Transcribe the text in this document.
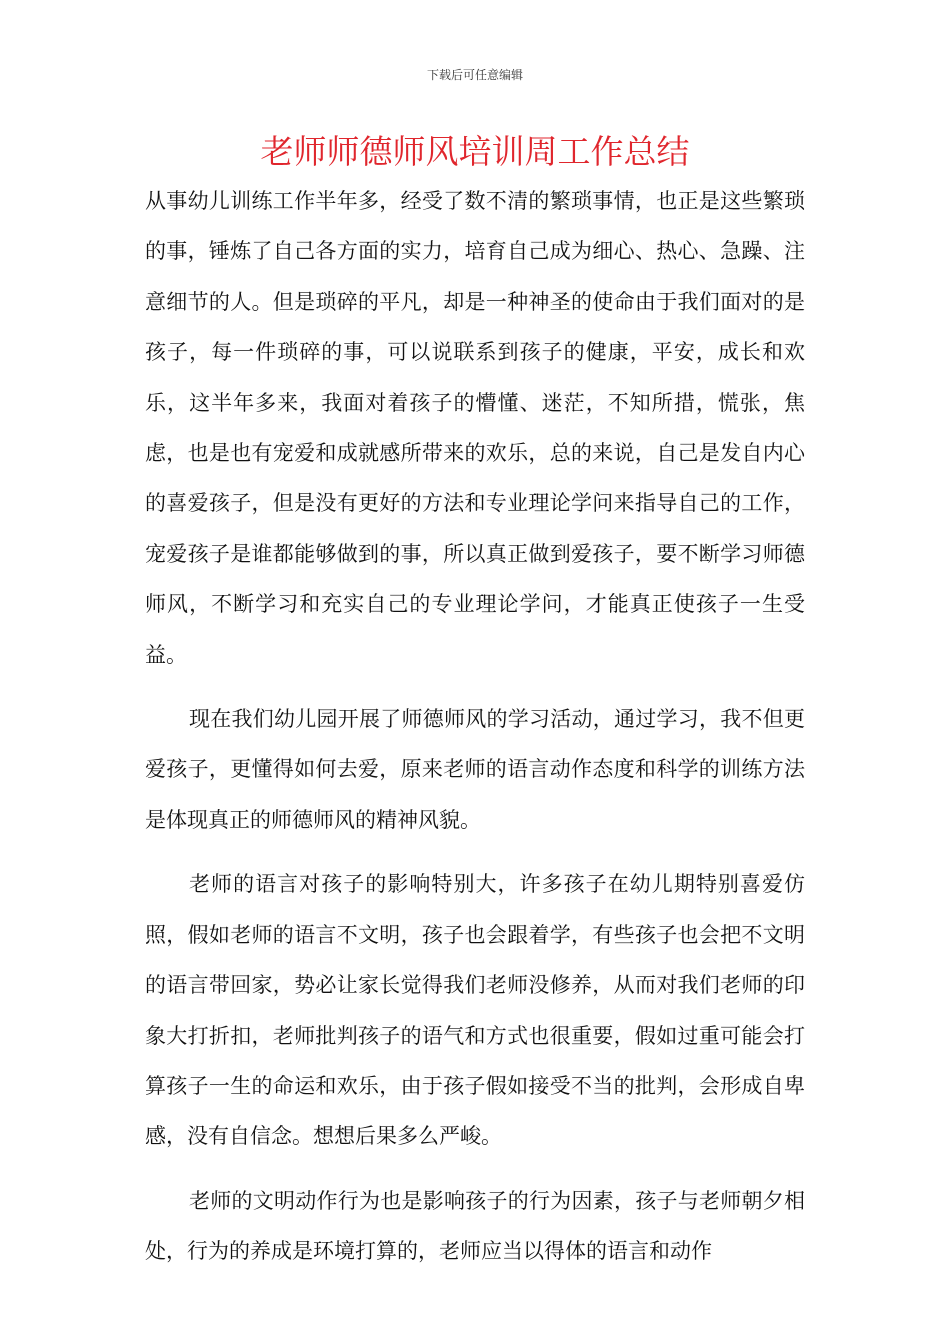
下载后可任意编辑
老师师德师风培训周工作总结

从事幼儿训练工作半年多，经受了数不清的繁琐事情，也正是这些繁琐的事，锤炼了自己各方面的实力，培育自己成为细心、热心、急躁、注意细节的人。但是琐碎的平凡，却是一种神圣的使命由于我们面对的是孩子，每一件琐碎的事，可以说联系到孩子的健康，平安，成长和欢乐，这半年多来，我面对着孩子的懵懂、迷茫，不知所措，慌张，焦虑，也是也有宠爱和成就感所带来的欢乐，总的来说，自己是发自内心的喜爱孩子，但是没有更好的方法和专业理论学问来指导自己的工作，宠爱孩子是谁都能够做到的事，所以真正做到爱孩子，要不断学习师德师风，不断学习和充实自己的专业理论学问，才能真正使孩子一生受益。

现在我们幼儿园开展了师德师风的学习活动，通过学习，我不但更爱孩子，更懂得如何去爱，原来老师的语言动作态度和科学的训练方法是体现真正的师德师风的精神风貌。

老师的语言对孩子的影响特别大，许多孩子在幼儿期特别喜爱仿照，假如老师的语言不文明，孩子也会跟着学，有些孩子也会把不文明的语言带回家，势必让家长觉得我们老师没修养，从而对我们老师的印象大打折扣，老师批判孩子的语气和方式也很重要，假如过重可能会打算孩子一生的命运和欢乐，由于孩子假如接受不当的批判，会形成自卑感，没有自信念。想想后果多么严峻。

老师的文明动作行为也是影响孩子的行为因素，孩子与老师朝夕相处，行为的养成是环境打算的，老师应当以得体的语言和动作
